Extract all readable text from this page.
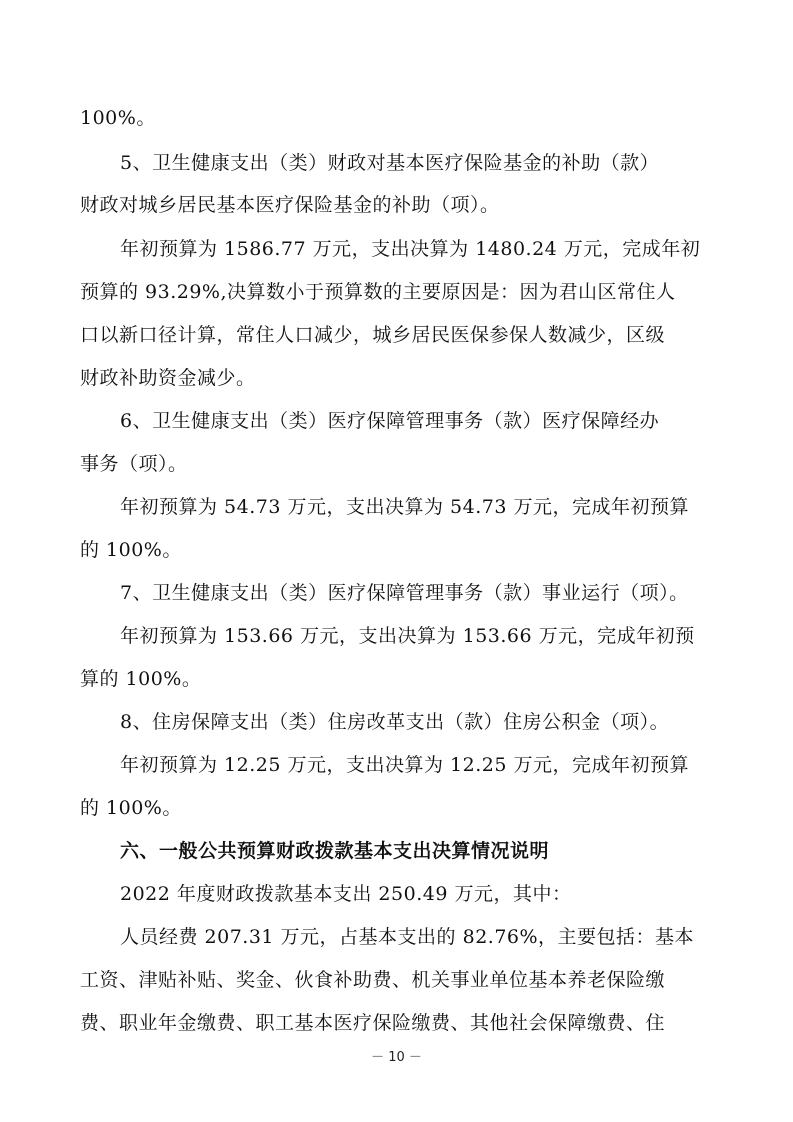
100%。
5、卫生健康支出（类）财政对基本医疗保险基金的补助（款）
财政对城乡居民基本医疗保险基金的补助（项）。
年初预算为 1586.77 万元，支出决算为 1480.24 万元，完成年初
预算的 93.29%,决算数小于预算数的主要原因是：因为君山区常住人
口以新口径计算，常住人口减少，城乡居民医保参保人数减少，区级
财政补助资金减少。
6、卫生健康支出（类）医疗保障管理事务（款）医疗保障经办
事务（项）。
年初预算为 54.73 万元，支出决算为 54.73 万元，完成年初预算
的 100%。
7、卫生健康支出（类）医疗保障管理事务（款）事业运行（项）。
年初预算为 153.66 万元，支出决算为 153.66 万元，完成年初预
算的 100%。
8、住房保障支出（类）住房改革支出（款）住房公积金（项）。
年初预算为 12.25 万元，支出决算为 12.25 万元，完成年初预算
的 100%。
六、一般公共预算财政拨款基本支出决算情况说明
2022 年度财政拨款基本支出 250.49 万元，其中：
人员经费 207.31 万元，占基本支出的 82.76%，主要包括：基本
工资、津贴补贴、奖金、伙食补助费、机关事业单位基本养老保险缴
费、职业年金缴费、职工基本医疗保险缴费、其他社会保障缴费、住
－ 10 －
